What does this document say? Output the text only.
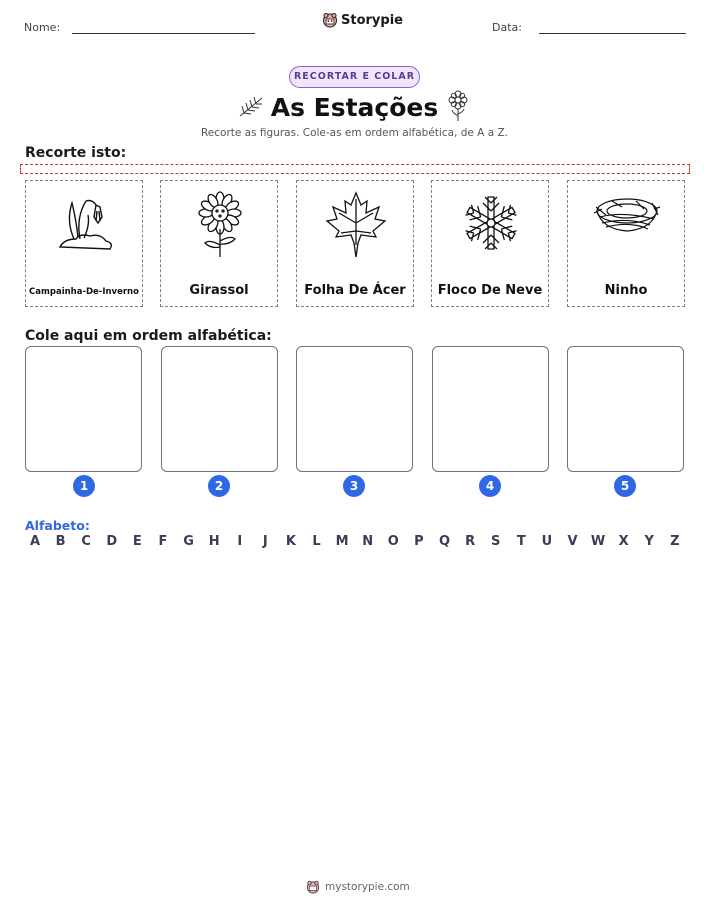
Nome:	Storypie	Data:
RECORTAR E COLAR
As Estações
Recorte as figuras. Cole-as em ordem alfabética, de A a Z.
Recorte isto:
Campainha-De-Inverno	Girassol	Folha De Ácer	Floco De Neve	Ninho
Cole aqui em ordem alfabética:
1	2	3	4	5
Alfabeto:
A	B	C	D	E	F	G	H	I	J	K	L	M	N	O	P	Q	R	S	T	U	V	W	X	Y	Z
mystorypie.com
